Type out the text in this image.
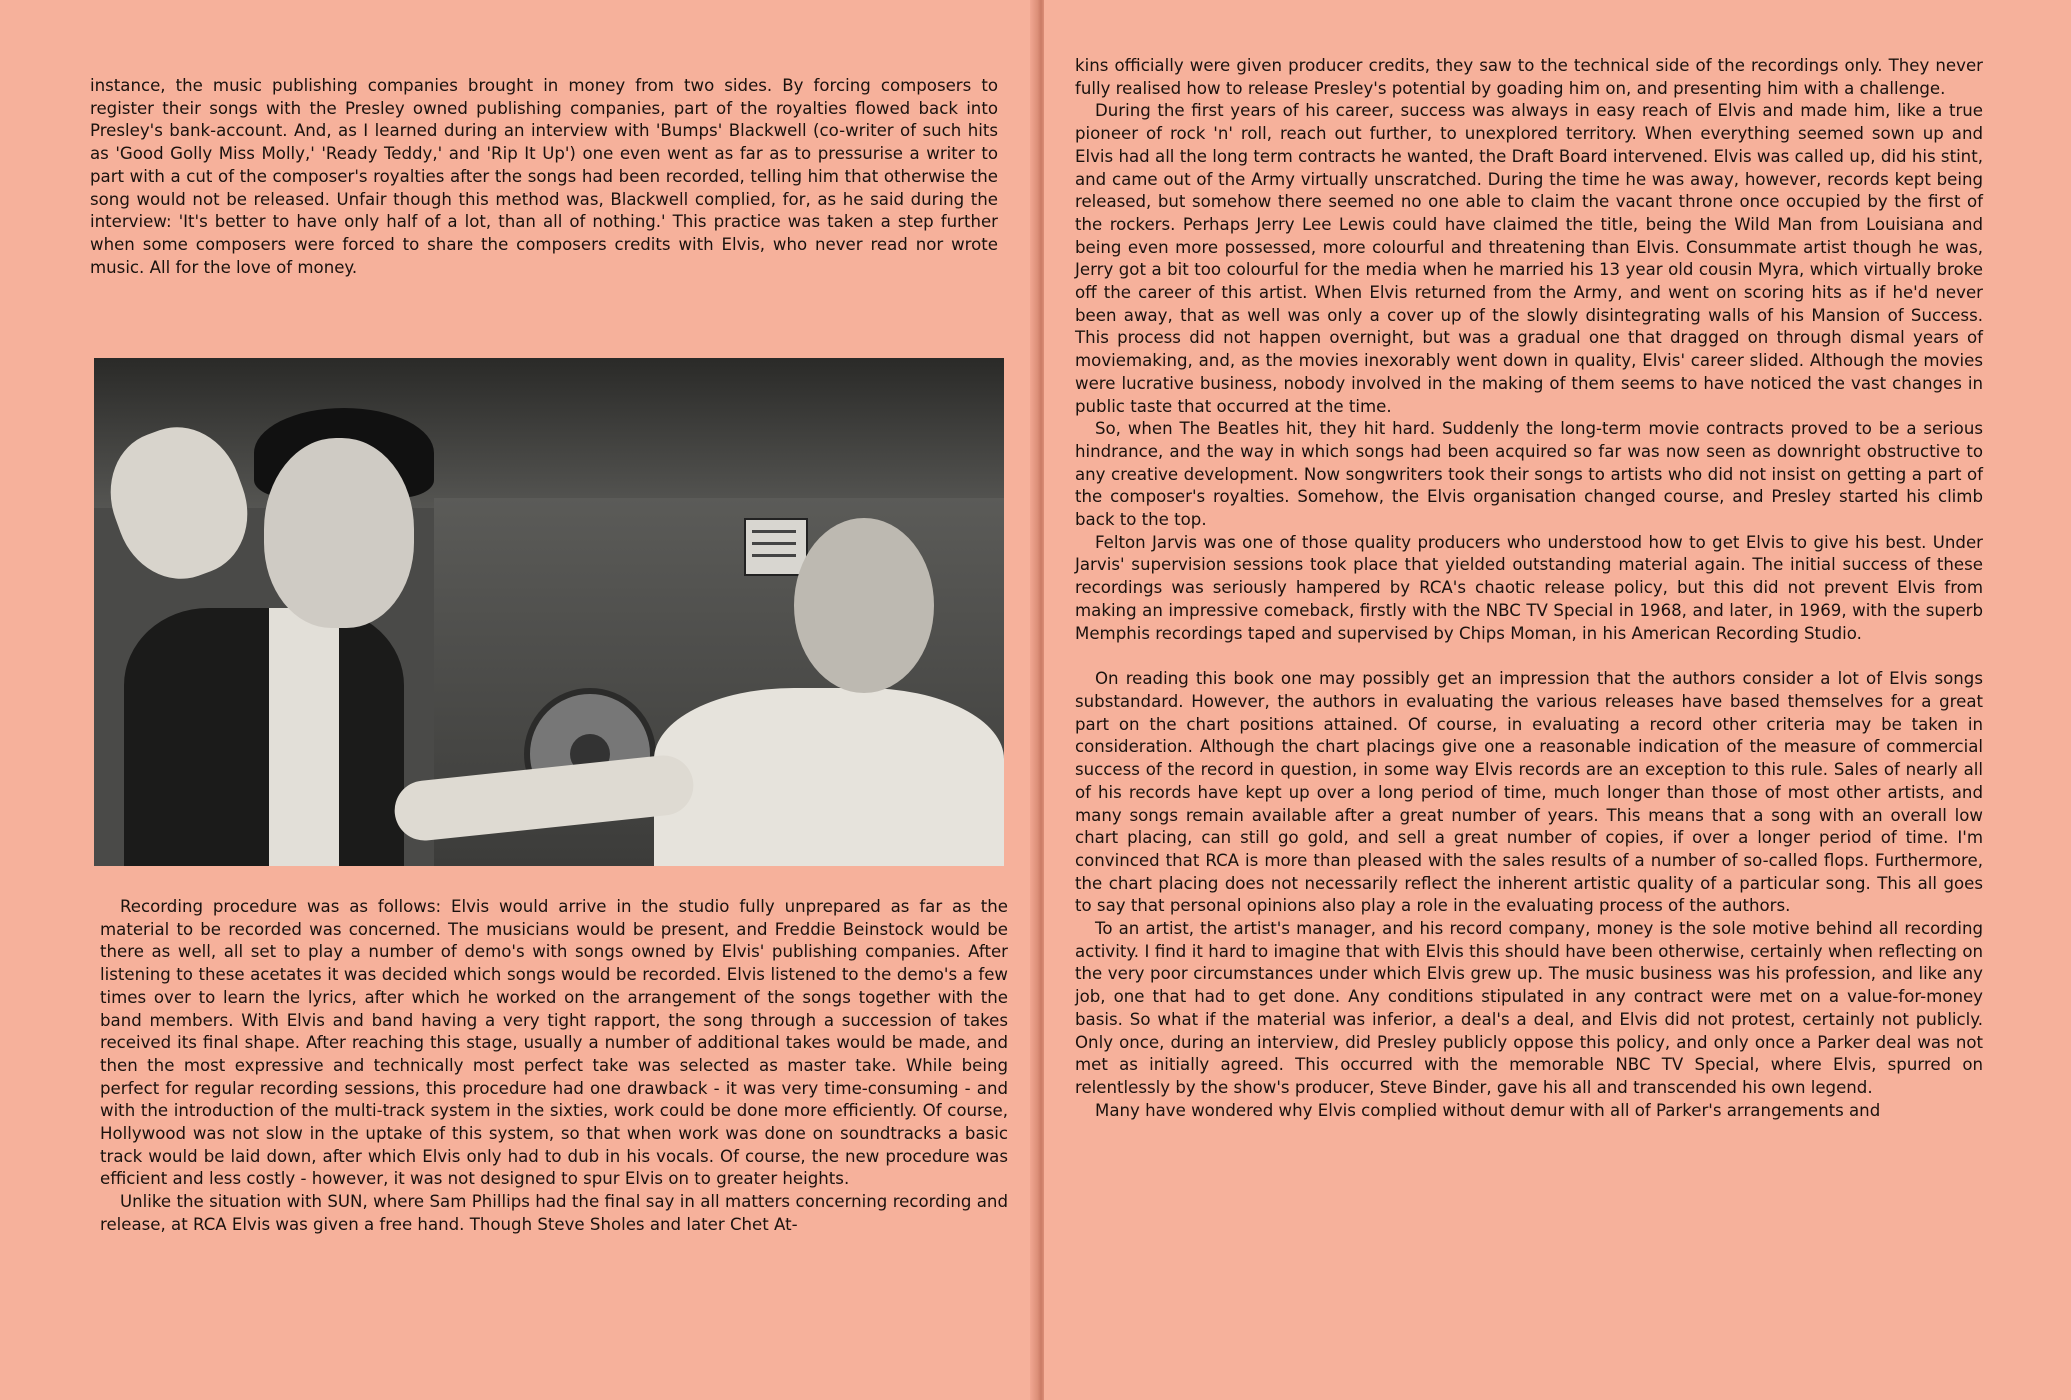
instance, the music publishing companies brought in money from two sides. By forcing composers to register their songs with the Presley owned publishing companies, part of the royalties flowed back into Presley's bank-account. And, as I learned during an interview with 'Bumps' Blackwell (co-writer of such hits as 'Good Golly Miss Molly,' 'Ready Teddy,' and 'Rip It Up') one even went as far as to pressurise a writer to part with a cut of the composer's royalties after the songs had been recorded, telling him that otherwise the song would not be released. Unfair though this method was, Blackwell complied, for, as he said during the interview: 'It's better to have only half of a lot, than all of nothing.' This practice was taken a step further when some composers were forced to share the composers credits with Elvis, who never read nor wrote music. All for the love of money.

Recording procedure was as follows: Elvis would arrive in the studio fully unprepared as far as the material to be recorded was concerned. The musicians would be present, and Freddie Beinstock would be there as well, all set to play a number of demo's with songs owned by Elvis' publishing companies. After listening to these acetates it was decided which songs would be recorded. Elvis listened to the demo's a few times over to learn the lyrics, after which he worked on the arrangement of the songs together with the band members. With Elvis and band having a very tight rapport, the song through a succession of takes received its final shape. After reaching this stage, usually a number of additional takes would be made, and then the most expressive and technically most perfect take was selected as master take. While being perfect for regular recording sessions, this procedure had one drawback - it was very time-consuming - and with the introduction of the multi-track system in the sixties, work could be done more efficiently. Of course, Hollywood was not slow in the uptake of this system, so that when work was done on soundtracks a basic track would be laid down, after which Elvis only had to dub in his vocals. Of course, the new procedure was efficient and less costly - however, it was not designed to spur Elvis on to greater heights.

Unlike the situation with SUN, where Sam Phillips had the final say in all matters concerning recording and release, at RCA Elvis was given a free hand. Though Steve Sholes and later Chet At-

kins officially were given producer credits, they saw to the technical side of the recordings only. They never fully realised how to release Presley's potential by goading him on, and presenting him with a challenge.

During the first years of his career, success was always in easy reach of Elvis and made him, like a true pioneer of rock 'n' roll, reach out further, to unexplored territory. When everything seemed sown up and Elvis had all the long term contracts he wanted, the Draft Board intervened. Elvis was called up, did his stint, and came out of the Army virtually unscratched. During the time he was away, however, records kept being released, but somehow there seemed no one able to claim the vacant throne once occupied by the first of the rockers. Perhaps Jerry Lee Lewis could have claimed the title, being the Wild Man from Louisiana and being even more possessed, more colourful and threatening than Elvis. Consummate artist though he was, Jerry got a bit too colourful for the media when he married his 13 year old cousin Myra, which virtually broke off the career of this artist. When Elvis returned from the Army, and went on scoring hits as if he'd never been away, that as well was only a cover up of the slowly disintegrating walls of his Mansion of Success. This process did not happen overnight, but was a gradual one that dragged on through dismal years of moviemaking, and, as the movies inexorably went down in quality, Elvis' career slided. Although the movies were lucrative business, nobody involved in the making of them seems to have noticed the vast changes in public taste that occurred at the time.

So, when The Beatles hit, they hit hard. Suddenly the long-term movie contracts proved to be a serious hindrance, and the way in which songs had been acquired so far was now seen as downright obstructive to any creative development. Now songwriters took their songs to artists who did not insist on getting a part of the composer's royalties. Somehow, the Elvis organisation changed course, and Presley started his climb back to the top.

Felton Jarvis was one of those quality producers who understood how to get Elvis to give his best. Under Jarvis' supervision sessions took place that yielded outstanding material again. The initial success of these recordings was seriously hampered by RCA's chaotic release policy, but this did not prevent Elvis from making an impressive comeback, firstly with the NBC TV Special in 1968, and later, in 1969, with the superb Memphis recordings taped and supervised by Chips Moman, in his American Recording Studio.

On reading this book one may possibly get an impression that the authors consider a lot of Elvis songs substandard. However, the authors in evaluating the various releases have based themselves for a great part on the chart positions attained. Of course, in evaluating a record other criteria may be taken in consideration. Although the chart placings give one a reasonable indication of the measure of commercial success of the record in question, in some way Elvis records are an exception to this rule. Sales of nearly all of his records have kept up over a long period of time, much longer than those of most other artists, and many songs remain available after a great number of years. This means that a song with an overall low chart placing, can still go gold, and sell a great number of copies, if over a longer period of time. I'm convinced that RCA is more than pleased with the sales results of a number of so-called flops. Furthermore, the chart placing does not necessarily reflect the inherent artistic quality of a particular song. This all goes to say that personal opinions also play a role in the evaluating process of the authors.

To an artist, the artist's manager, and his record company, money is the sole motive behind all recording activity. I find it hard to imagine that with Elvis this should have been otherwise, certainly when reflecting on the very poor circumstances under which Elvis grew up. The music business was his profession, and like any job, one that had to get done. Any conditions stipulated in any contract were met on a value-for-money basis. So what if the material was inferior, a deal's a deal, and Elvis did not protest, certainly not publicly. Only once, during an interview, did Presley publicly oppose this policy, and only once a Parker deal was not met as initially agreed. This occurred with the memorable NBC TV Special, where Elvis, spurred on relentlessly by the show's producer, Steve Binder, gave his all and transcended his own legend.

Many have wondered why Elvis complied without demur with all of Parker's arrangements and
